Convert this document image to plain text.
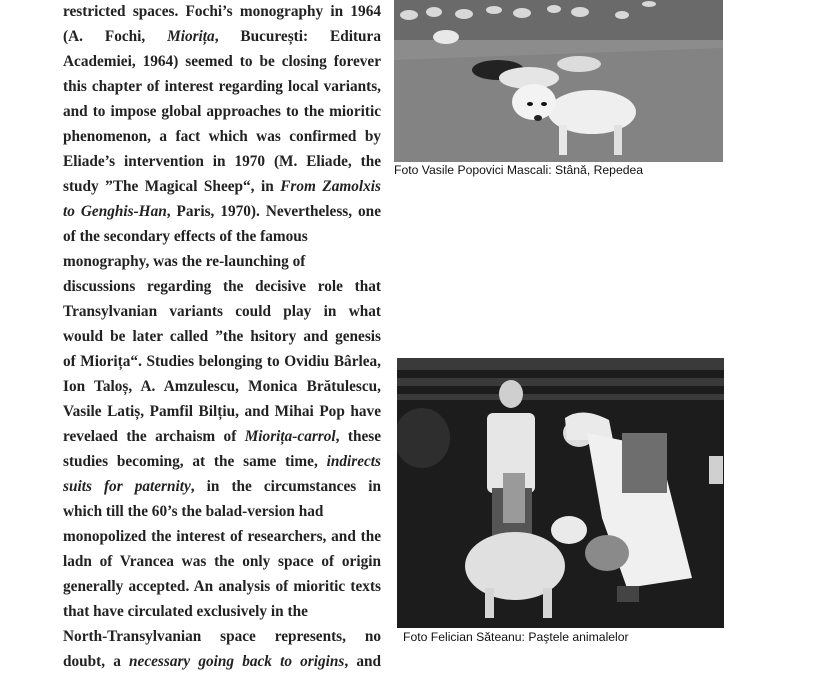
restricted spaces. Fochi’s monography in 1964
(A. Fochi, Miorița, București: Editura
Academiei, 1964) seemed to be closing forever
this chapter of interest regarding local variants,
and to impose global approaches to the mioritic
phenomenon, a fact which was confirmed by
Eliade’s intervention in 1970 (M. Eliade, the
study ”The Magical Sheep“, in From Zamolxis
to Genghis-Han, Paris, 1970). Nevertheless, one
of the secondary effects of the famous
monography, was the re-launching of
discussions regarding the decisive role that
Transylvanian variants could play in what
would be later called ”the hsitory and genesis
of Miorița“. Studies belonging to Ovidiu Bârlea,
Ion Taloș, A. Amzulescu, Monica Brătulescu,
Vasile Latiș, Pamfil Bilțiu, and Mihai Pop have
revelaed the archaism of Miorița-carrol, these
studies becoming, at the same time, indirects
suits for paternity, in the circumstances in
which till the 60’s the balad-version had
monopolized the interest of researchers, and the
ladn of Vrancea was the only space of origin
generally accepted. An analysis of mioritic texts
that have circulated exclusively in the
North-Transylvanian space represents, no
doubt, a necessary going back to origins, and
Foto Vasile Popovici Mascali: Stână, Repedea
Foto Felician Săteanu: Paştele animalelor
